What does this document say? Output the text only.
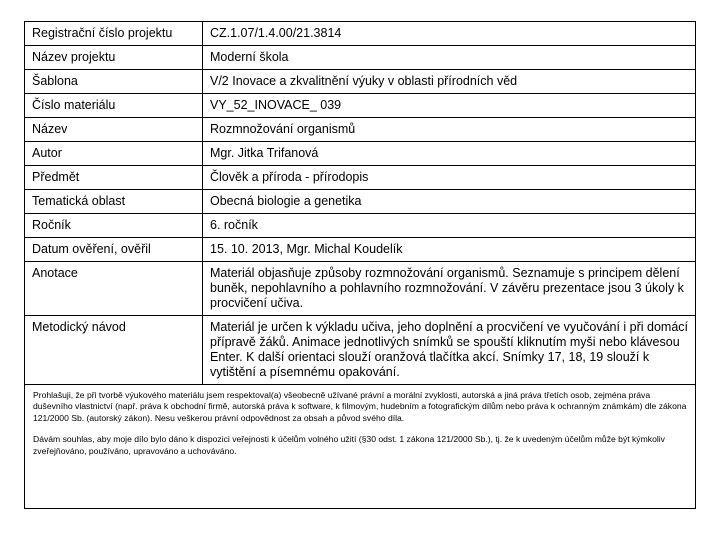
Registrační číslo projektu	CZ.1.07/1.4.00/21.3814
Název projektu	Moderní škola
Šablona	V/2 Inovace a zkvalitnění výuky v oblasti přírodních věd
Číslo materiálu	VY_52_INOVACE_ 039
Název	Rozmnožování organismů
Autor	Mgr. Jitka Trifanová
Předmět	Člověk a příroda - přírodopis
Tematická oblast	Obecná biologie a genetika
Ročník	6. ročník
Datum ověření, ověřil	15. 10. 2013, Mgr. Michal Koudelík
Anotace	Materiál objasňuje způsoby rozmnožování organismů. Seznamuje s principem dělení buněk, nepohlavního a pohlavního rozmnožování. V závěru prezentace jsou 3 úkoly k procvičení učiva.
Metodický návod	Materiál je určen k výkladu učiva, jeho doplnění a procvičení ve vyučování i při domácí přípravě žáků. Animace jednotlivých snímků se spouští kliknutím myši nebo klávesou Enter. K další orientaci slouží oranžová tlačítka akcí. Snímky 17, 18, 19 slouží k vytištění a písemnému opakování.

Prohlašuji, že při tvorbě výukového materiálu jsem respektoval(a) všeobecně užívané právní a morální zvyklosti, autorská a jiná práva třetích osob, zejména práva duševního vlastnictví (např. práva k obchodní firmě, autorská práva k software, k filmovým, hudebním a fotografickým dílům nebo práva k ochranným známkám) dle zákona 121/2000 Sb. (autorský zákon). Nesu veškerou právní odpovědnost za obsah a původ svého díla.

Dávám souhlas, aby moje dílo bylo dáno k dispozici veřejnosti k účelům volného užití (§30 odst. 1 zákona 121/2000 Sb.), tj. že k uvedeným účelům může být kýmkoliv zveřejňováno, používáno, upravováno a uchováváno.
